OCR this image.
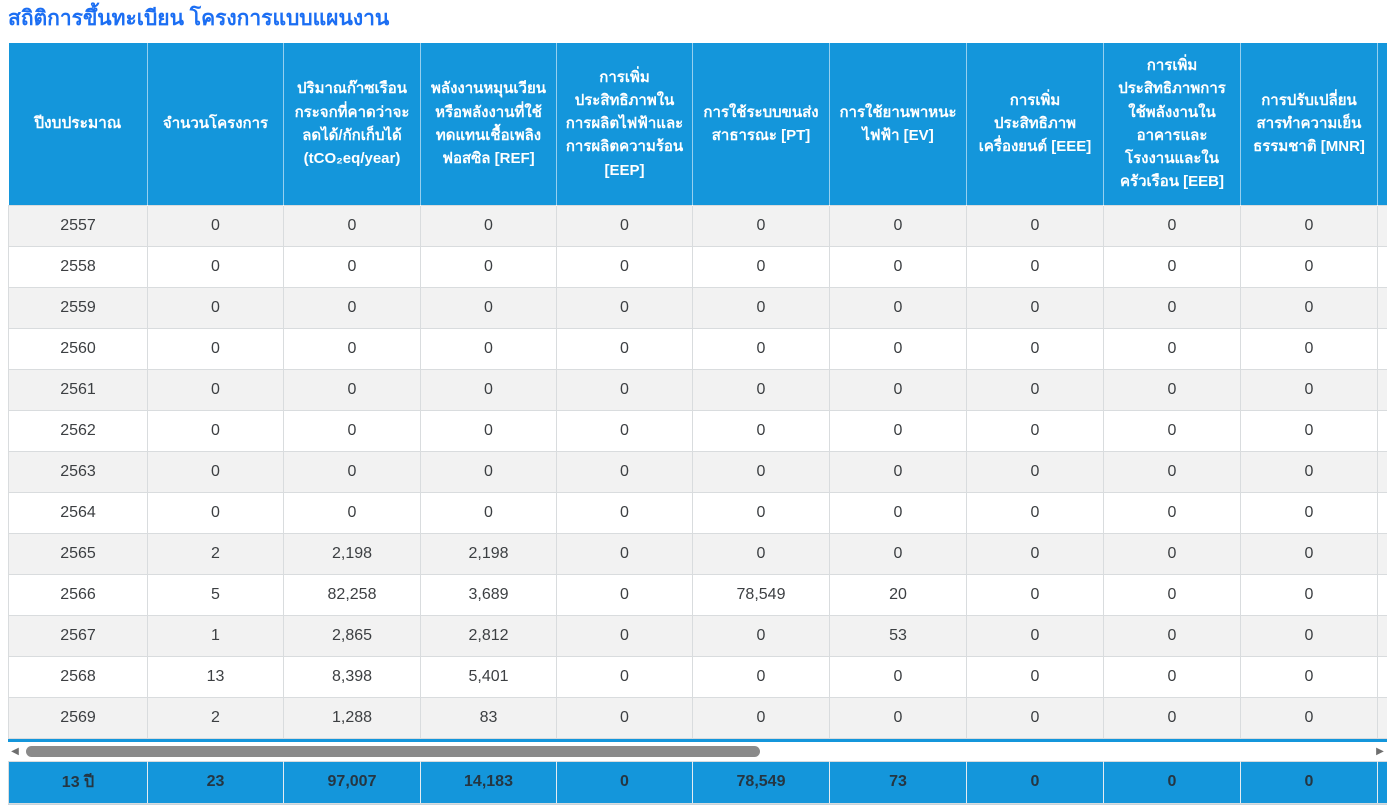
สถิติการขึ้นทะเบียน โครงการแบบแผนงาน
ปีงบประมาณ	จำนวนโครงการ	ปริมาณก๊าซเรือนกระจกที่คาดว่าจะลดได้/กักเก็บได้ (tCO₂eq/year)	พลังงานหมุนเวียนหรือพลังงานที่ใช้ทดแทนเชื้อเพลิงฟอสซิล [REF]	การเพิ่มประสิทธิภาพในการผลิตไฟฟ้าและการผลิตความร้อน [EEP]	การใช้ระบบขนส่งสาธารณะ [PT]	การใช้ยานพาหนะไฟฟ้า [EV]	การเพิ่มประสิทธิภาพเครื่องยนต์ [EEE]	การเพิ่มประสิทธิภาพการใช้พลังงานในอาคารและโรงงานและในครัวเรือน [EEB]	การปรับเปลี่ยนสารทำความเย็นธรรมชาติ [MNR]	
2557	0	0	0	0	0	0	0	0	0	
2558	0	0	0	0	0	0	0	0	0	
2559	0	0	0	0	0	0	0	0	0	
2560	0	0	0	0	0	0	0	0	0	
2561	0	0	0	0	0	0	0	0	0	
2562	0	0	0	0	0	0	0	0	0	
2563	0	0	0	0	0	0	0	0	0	
2564	0	0	0	0	0	0	0	0	0	
2565	2	2,198	2,198	0	0	0	0	0	0	
2566	5	82,258	3,689	0	78,549	20	0	0	0	
2567	1	2,865	2,812	0	0	53	0	0	0	
2568	13	8,398	5,401	0	0	0	0	0	0	
2569	2	1,288	83	0	0	0	0	0	0	
◀	▶
13 ปี	23	97,007	14,183	0	78,549	73	0	0	0	
